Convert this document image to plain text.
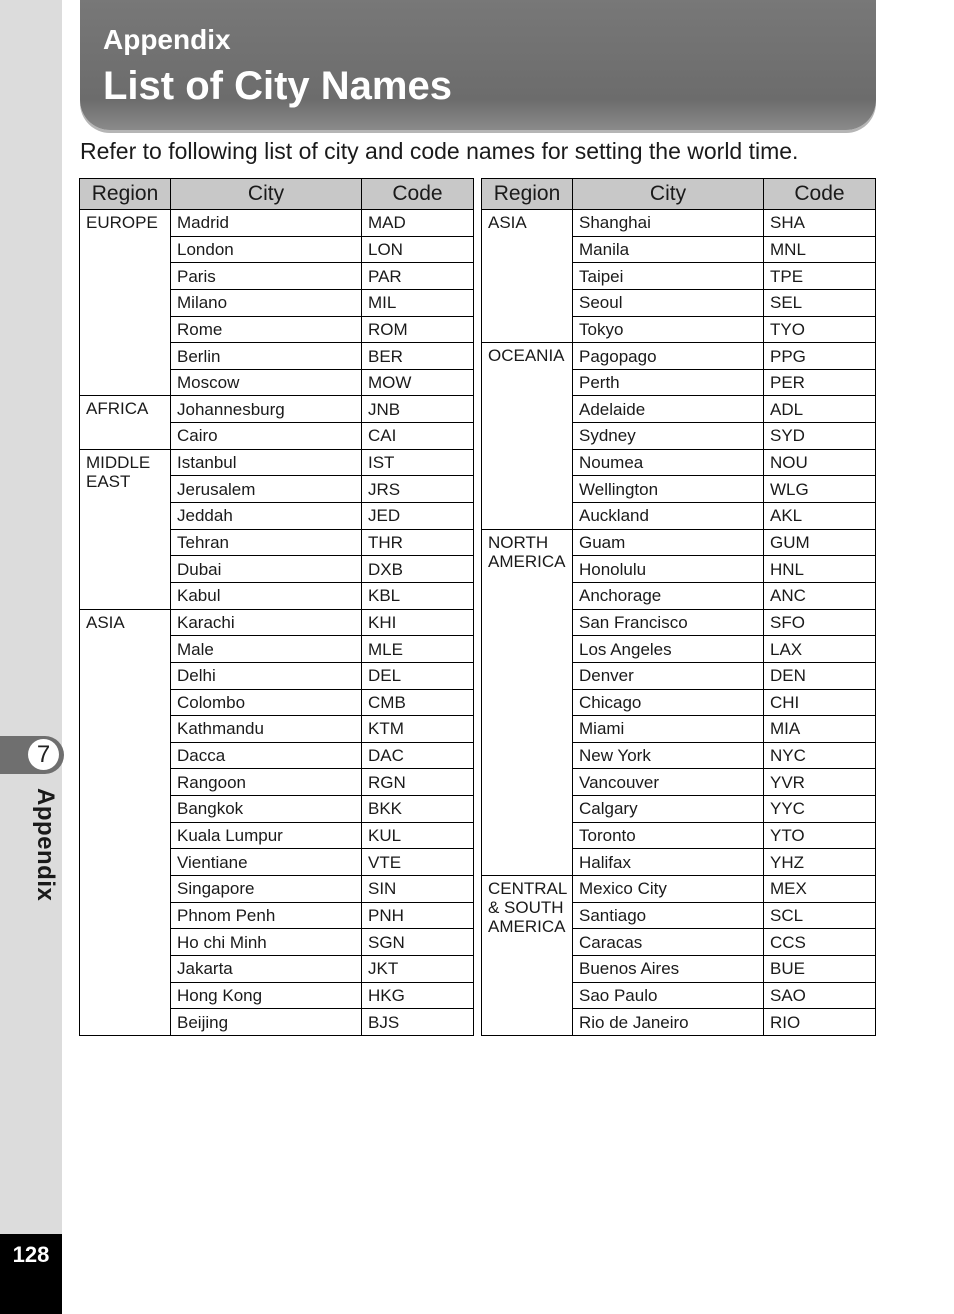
7
Appendix
128
Appendix
List of City Names
Refer to following list of city and code names for setting the world time.
Region	City	Code
EUROPE	Madrid	MAD
	London	LON
	Paris	PAR
	Milano	MIL
	Rome	ROM
	Berlin	BER
	Moscow	MOW
AFRICA	Johannesburg	JNB
	Cairo	CAI
MIDDLE EAST	Istanbul	IST
	Jerusalem	JRS
	Jeddah	JED
	Tehran	THR
	Dubai	DXB
	Kabul	KBL
ASIA	Karachi	KHI
	Male	MLE
	Delhi	DEL
	Colombo	CMB
	Kathmandu	KTM
	Dacca	DAC
	Rangoon	RGN
	Bangkok	BKK
	Kuala Lumpur	KUL
	Vientiane	VTE
	Singapore	SIN
	Phnom Penh	PNH
	Ho chi Minh	SGN
	Jakarta	JKT
	Hong Kong	HKG
	Beijing	BJS
Region	City	Code
ASIA	Shanghai	SHA
	Manila	MNL
	Taipei	TPE
	Seoul	SEL
	Tokyo	TYO
OCEANIA	Pagopago	PPG
	Perth	PER
	Adelaide	ADL
	Sydney	SYD
	Noumea	NOU
	Wellington	WLG
	Auckland	AKL
NORTH AMERICA	Guam	GUM
	Honolulu	HNL
	Anchorage	ANC
	San Francisco	SFO
	Los Angeles	LAX
	Denver	DEN
	Chicago	CHI
	Miami	MIA
	New York	NYC
	Vancouver	YVR
	Calgary	YYC
	Toronto	YTO
	Halifax	YHZ
CENTRAL & SOUTH AMERICA	Mexico City	MEX
	Santiago	SCL
	Caracas	CCS
	Buenos Aires	BUE
	Sao Paulo	SAO
	Rio de Janeiro	RIO
